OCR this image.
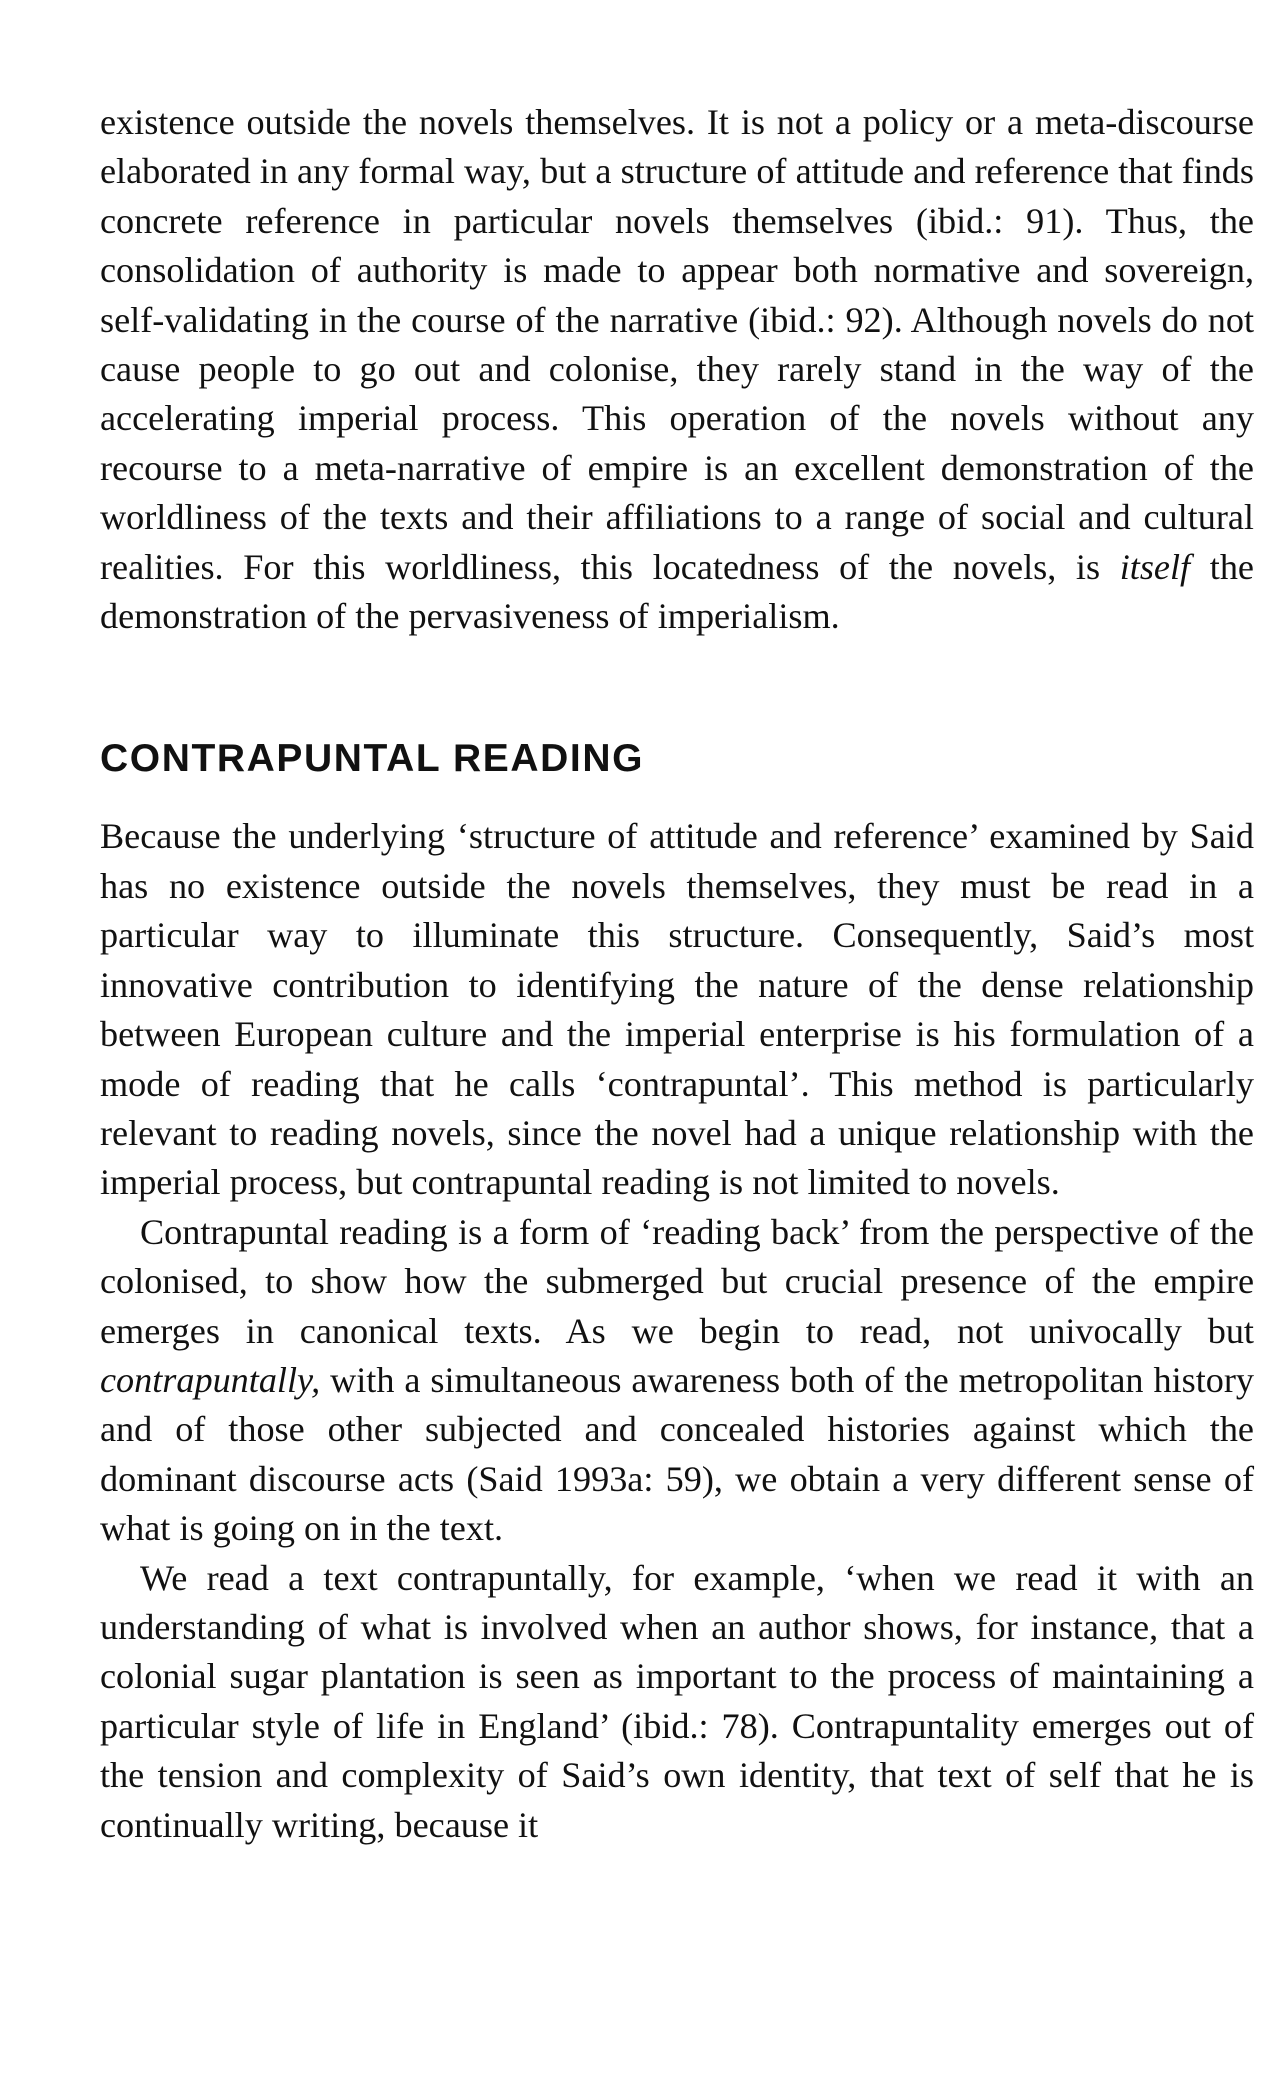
existence outside the novels themselves. It is not a policy or a meta-discourse elaborated in any formal way, but a structure of attitude and reference that finds concrete reference in particular novels themselves (ibid.: 91). Thus, the consolidation of authority is made to appear both normative and sovereign, self-validating in the course of the narrative (ibid.: 92). Although novels do not cause people to go out and colonise, they rarely stand in the way of the accelerating imperial process. This operation of the novels without any recourse to a meta-narrative of empire is an excellent demonstration of the worldliness of the texts and their affiliations to a range of social and cultural realities. For this worldliness, this locatedness of the novels, is itself the demonstration of the pervasiveness of imperialism.

CONTRAPUNTAL READING

Because the underlying ‘structure of attitude and reference’ examined by Said has no existence outside the novels themselves, they must be read in a particular way to illuminate this structure. Consequently, Said’s most innovative contribution to identifying the nature of the dense relationship between European culture and the imperial enterprise is his formulation of a mode of reading that he calls ‘contrapuntal’. This method is particularly relevant to reading novels, since the novel had a unique relationship with the imperial process, but contrapuntal reading is not limited to novels.

Contrapuntal reading is a form of ‘reading back’ from the perspective of the colonised, to show how the submerged but crucial presence of the empire emerges in canonical texts. As we begin to read, not univocally but contrapuntally, with a simultaneous awareness both of the metropolitan history and of those other subjected and concealed histories against which the dominant discourse acts (Said 1993a: 59), we obtain a very different sense of what is going on in the text.

We read a text contrapuntally, for example, ‘when we read it with an understanding of what is involved when an author shows, for instance, that a colonial sugar plantation is seen as important to the process of maintaining a particular style of life in England’ (ibid.: 78). Contrapuntality emerges out of the tension and complexity of Said’s own identity, that text of self that he is continually writing, because it
